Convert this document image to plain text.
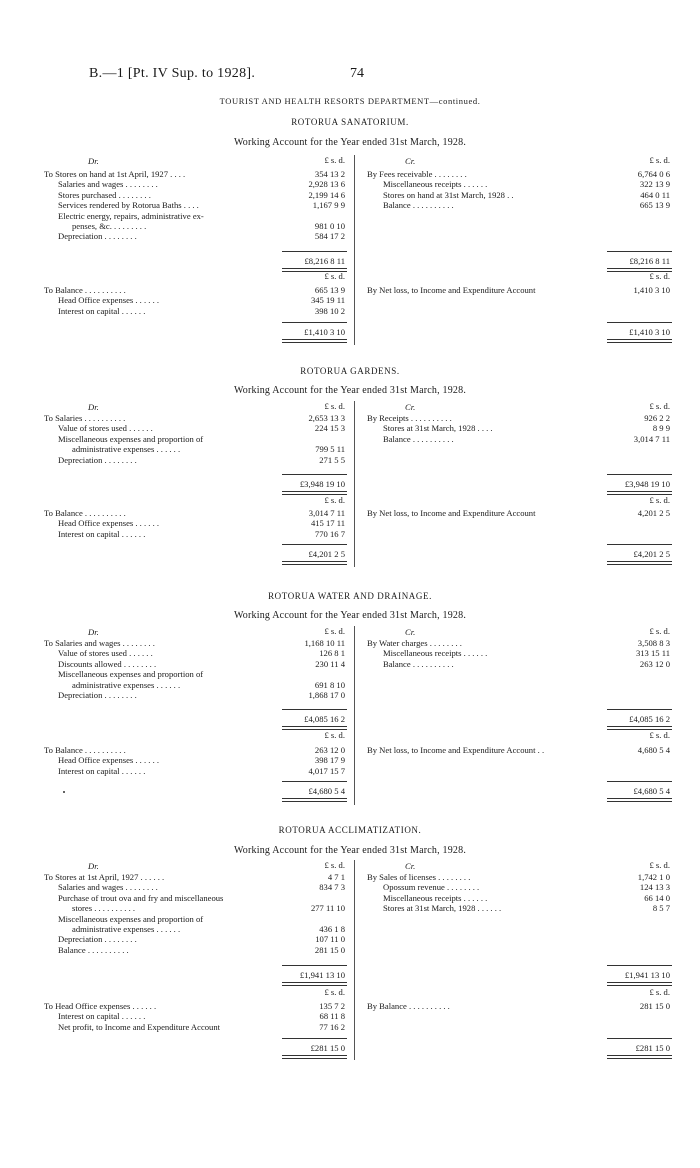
B.—1 [Pt. IV Sup. to 1928].	74
TOURIST AND HEALTH RESORTS DEPARTMENT—continued.
ROTORUA SANATORIUM.
Working Account for the Year ended 31st March, 1928.
Dr.	Cr.
£ s. d.	£ s. d.
To Stores on hand at 1st April, 1927 . . . .	354 13 2
Salaries and wages . . . . . . . .	2,928 13 6
Stores purchased . . . . . . . .	2,199 14 6
Services rendered by Rotorua Baths . . . .	1,167 9 9
Electric energy, repairs, administrative ex-
penses, &c. . . . . . . . .	981 0 10
Depreciation . . . . . . . .	584 17 2
By Fees receivable . . . . . . . .	6,764 0 6
Miscellaneous receipts . . . . . .	322 13 9
Stores on hand at 31st March, 1928 . .	464 0 11
Balance . . . . . . . . . .	665 13 9
£8,216 8 11	£8,216 8 11
£ s. d.	£ s. d.
To Balance . . . . . . . . . .	665 13 9
Head Office expenses . . . . . .	345 19 11
Interest on capital . . . . . .	398 10 2
By Net loss, to Income and Expenditure Account	1,410 3 10
£1,410 3 10	£1,410 3 10
ROTORUA GARDENS.
Working Account for the Year ended 31st March, 1928.
Dr.	Cr.
£ s. d.	£ s. d.
To Salaries . . . . . . . . . .	2,653 13 3
Value of stores used . . . . . .	224 15 3
Miscellaneous expenses and proportion of
administrative expenses . . . . . .	799 5 11
Depreciation . . . . . . . .	271 5 5
By Receipts . . . . . . . . . .	926 2 2
Stores at 31st March, 1928 . . . .	8 9 9
Balance . . . . . . . . . .	3,014 7 11
£3,948 19 10	£3,948 19 10
£ s. d.	£ s. d.
To Balance . . . . . . . . . .	3,014 7 11
Head Office expenses . . . . . .	415 17 11
Interest on capital . . . . . .	770 16 7
By Net loss, to Income and Expenditure Account	4,201 2 5
£4,201 2 5	£4,201 2 5
ROTORUA WATER AND DRAINAGE.
Working Account for the Year ended 31st March, 1928.
Dr.	Cr.
£ s. d.	£ s. d.
To Salaries and wages . . . . . . . .	1,168 10 11
Value of stores used . . . . . .	126 8 1
Discounts allowed . . . . . . . .	230 11 4
Miscellaneous expenses and proportion of
administrative expenses . . . . . .	691 8 10
Depreciation . . . . . . . .	1,868 17 0
By Water charges . . . . . . . .	3,508 8 3
Miscellaneous receipts . . . . . .	313 15 11
Balance . . . . . . . . . .	263 12 0
£4,085 16 2	£4,085 16 2
£ s. d.	£ s. d.
To Balance . . . . . . . . . .	263 12 0
Head Office expenses . . . . . .	398 17 9
Interest on capital . . . . . .	4,017 15 7
By Net loss, to Income and Expenditure Account . .	4,680 5 4
£4,680 5 4	£4,680 5 4
ROTORUA ACCLIMATIZATION.
Working Account for the Year ended 31st March, 1928.
Dr.	Cr.
£ s. d.	£ s. d.
To Stores at 1st April, 1927 . . . . . .	4 7 1
Salaries and wages . . . . . . . .	834 7 3
Purchase of trout ova and fry and miscellaneous
stores . . . . . . . . . .	277 11 10
Miscellaneous expenses and proportion of
administrative expenses . . . . . .	436 1 8
Depreciation . . . . . . . .	107 11 0
Balance . . . . . . . . . .	281 15 0
By Sales of licenses . . . . . . . .	1,742 1 0
Opossum revenue . . . . . . . .	124 13 3
Miscellaneous receipts . . . . . .	66 14 0
Stores at 31st March, 1928 . . . . . .	8 5 7
£1,941 13 10	£1,941 13 10
£ s. d.	£ s. d.
To Head Office expenses . . . . . .	135 7 2
Interest on capital . . . . . .	68 11 8
Net profit, to Income and Expenditure Account	77 16 2
By Balance . . . . . . . . . .	281 15 0
£281 15 0	£281 15 0
